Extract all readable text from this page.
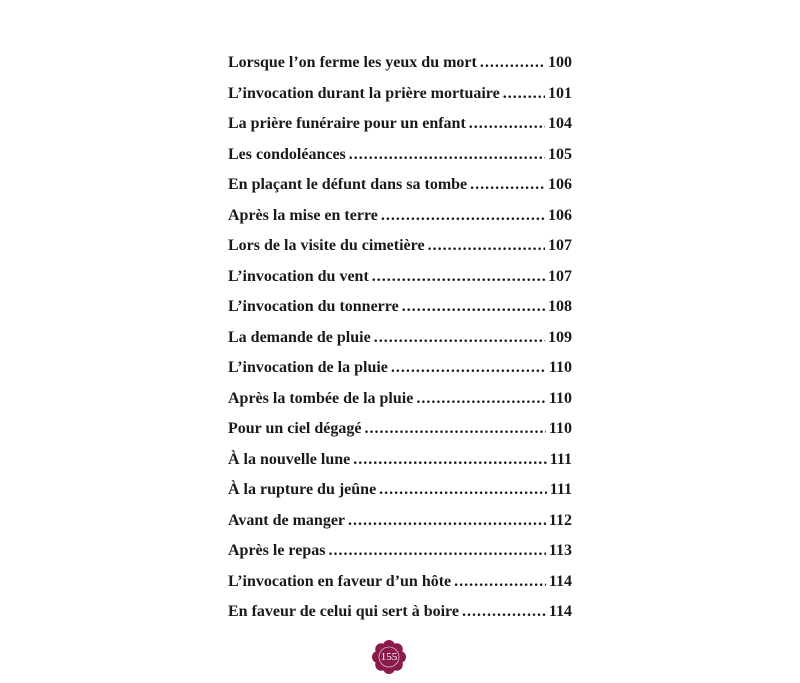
Lorsque l’on ferme les yeux du mort .....	100
L’invocation durant la prière mortuaire .....	101
La prière funéraire pour un enfant .....	104
Les condoléances .....	105
En plaçant le défunt dans sa tombe .....	106
Après la mise en terre .....	106
Lors de la visite du cimetière .....	107
L’invocation du vent .....	107
L’invocation du tonnerre .....	108
La demande de pluie .....	109
L’invocation de la pluie .....	110
Après la tombée de la pluie .....	110
Pour un ciel dégagé .....	110
À la nouvelle lune .....	111
À la rupture du jeûne .....	111
Avant de manger .....	112
Après le repas .....	113
L’invocation en faveur d’un hôte .....	114
En faveur de celui qui sert à boire .....	114
155
